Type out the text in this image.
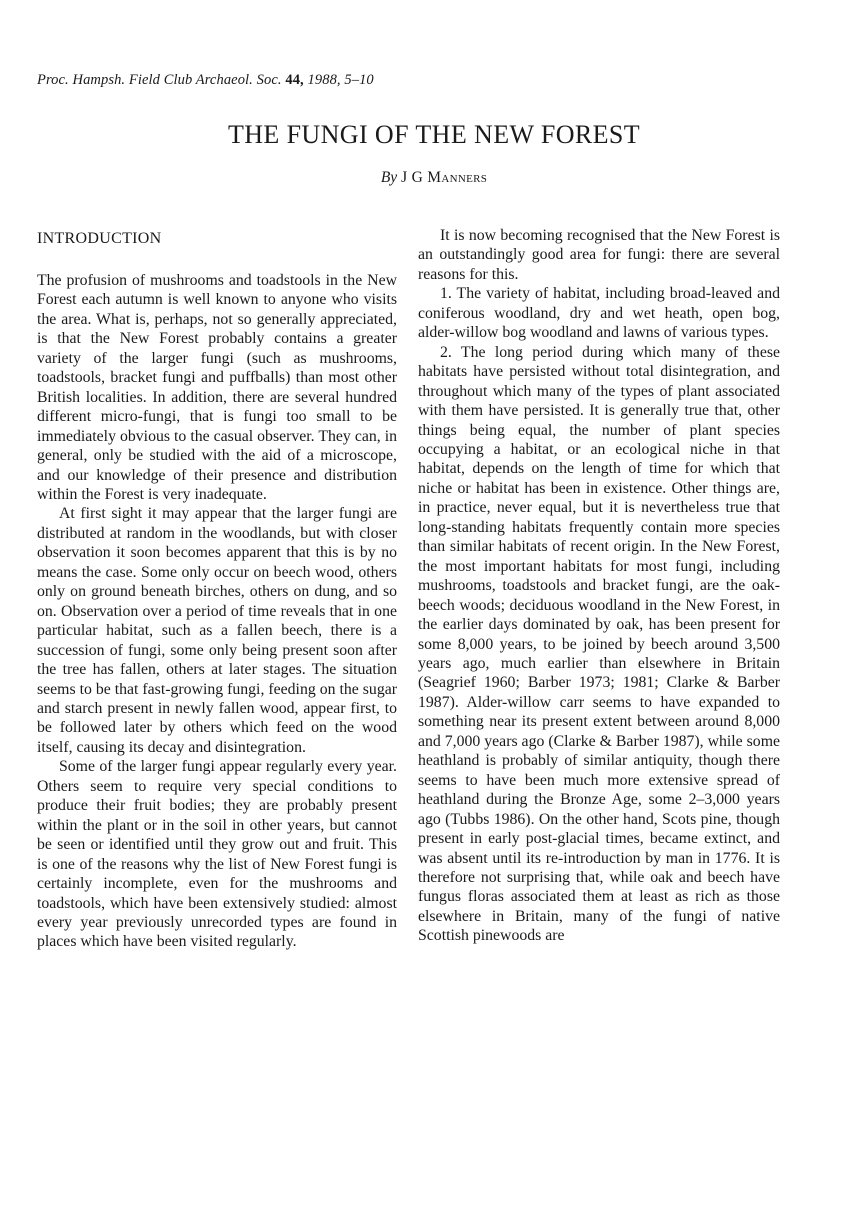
Proc. Hampsh. Field Club Archaeol. Soc. 44, 1988, 5–10
THE FUNGI OF THE NEW FOREST
By J G Manners
INTRODUCTION

The profusion of mushrooms and toadstools in the New Forest each autumn is well known to anyone who visits the area. What is, perhaps, not so generally appreciated, is that the New Forest probably contains a greater variety of the larger fungi (such as mushrooms, toadstools, bracket fungi and puffballs) than most other British localities. In addition, there are several hundred different micro-fungi, that is fungi too small to be immediately obvious to the casual observer. They can, in general, only be studied with the aid of a microscope, and our knowledge of their presence and distribution within the Forest is very inadequate.

At first sight it may appear that the larger fungi are distributed at random in the woodlands, but with closer observation it soon becomes apparent that this is by no means the case. Some only occur on beech wood, others only on ground beneath birches, others on dung, and so on. Observation over a period of time reveals that in one particular habitat, such as a fallen beech, there is a succession of fungi, some only being present soon after the tree has fallen, others at later stages. The situation seems to be that fast-growing fungi, feeding on the sugar and starch present in newly fallen wood, appear first, to be followed later by others which feed on the wood itself, causing its decay and disintegration.

Some of the larger fungi appear regularly every year. Others seem to require very special conditions to produce their fruit bodies; they are probably present within the plant or in the soil in other years, but cannot be seen or identified until they grow out and fruit. This is one of the reasons why the list of New Forest fungi is certainly incomplete, even for the mushrooms and toadstools, which have been extensively studied: almost every year previously unrecorded types are found in places which have been visited regularly.

It is now becoming recognised that the New Forest is an outstandingly good area for fungi: there are several reasons for this.

1. The variety of habitat, including broad-leaved and coniferous woodland, dry and wet heath, open bog, alder-willow bog woodland and lawns of various types.

2. The long period during which many of these habitats have persisted without total disintegration, and throughout which many of the types of plant associated with them have persisted. It is generally true that, other things being equal, the number of plant species occupying a habitat, or an ecological niche in that habitat, depends on the length of time for which that niche or habitat has been in existence. Other things are, in practice, never equal, but it is nevertheless true that long-standing habitats frequently contain more species than similar habitats of recent origin. In the New Forest, the most important habitats for most fungi, including mushrooms, toadstools and bracket fungi, are the oak-beech woods; deciduous woodland in the New Forest, in the earlier days dominated by oak, has been present for some 8,000 years, to be joined by beech around 3,500 years ago, much earlier than elsewhere in Britain (Seagrief 1960; Barber 1973; 1981; Clarke & Barber 1987). Alder-willow carr seems to have expanded to something near its present extent between around 8,000 and 7,000 years ago (Clarke & Barber 1987), while some heathland is probably of similar antiquity, though there seems to have been much more extensive spread of heathland during the Bronze Age, some 2–3,000 years ago (Tubbs 1986). On the other hand, Scots pine, though present in early post-glacial times, became extinct, and was absent until its re-introduction by man in 1776. It is therefore not surprising that, while oak and beech have fungus floras associated them at least as rich as those elsewhere in Britain, many of the fungi of native Scottish pinewoods are
